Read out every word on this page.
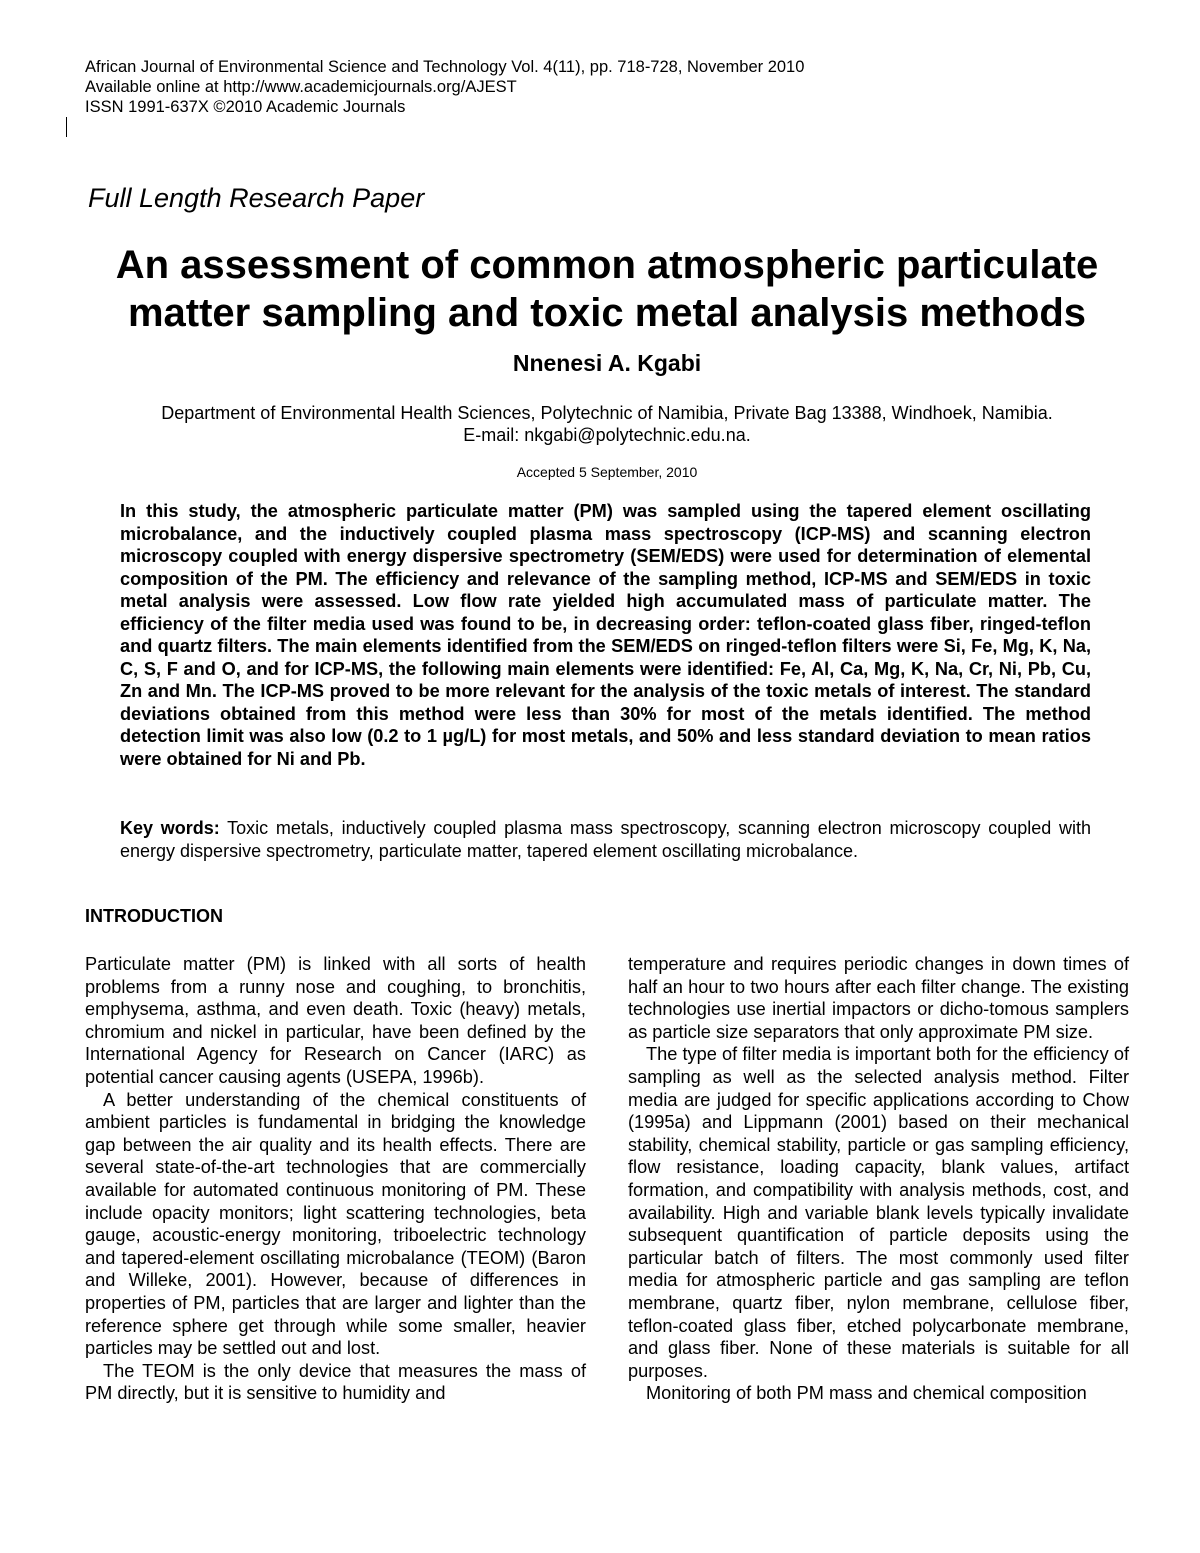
African Journal of Environmental Science and Technology Vol. 4(11), pp. 718-728, November 2010
Available online at http://www.academicjournals.org/AJEST
ISSN 1991-637X ©2010 Academic Journals
Full Length Research Paper
An assessment of common atmospheric particulate
matter sampling and toxic metal analysis methods
Nnenesi A. Kgabi
Department of Environmental Health Sciences, Polytechnic of Namibia, Private Bag 13388, Windhoek, Namibia.
E-mail: nkgabi@polytechnic.edu.na.
Accepted 5 September, 2010
In this study, the atmospheric particulate matter (PM) was sampled using the tapered element oscillating microbalance, and the inductively coupled plasma mass spectroscopy (ICP-MS) and scanning electron microscopy coupled with energy dispersive spectrometry (SEM/EDS) were used for determination of elemental composition of the PM. The efficiency and relevance of the sampling method, ICP-MS and SEM/EDS in toxic metal analysis were assessed. Low flow rate yielded high accumulated mass of particulate matter. The efficiency of the filter media used was found to be, in decreasing order: teflon-coated glass fiber, ringed-teflon and quartz filters. The main elements identified from the SEM/EDS on ringed-teflon filters were Si, Fe, Mg, K, Na, C, S, F and O, and for ICP-MS, the following main elements were identified: Fe, Al, Ca, Mg, K, Na, Cr, Ni, Pb, Cu, Zn and Mn. The ICP-MS proved to be more relevant for the analysis of the toxic metals of interest. The standard deviations obtained from this method were less than 30% for most of the metals identified. The method detection limit was also low (0.2 to 1 µg/L) for most metals, and 50% and less standard deviation to mean ratios were obtained for Ni and Pb.
Key words: Toxic metals, inductively coupled plasma mass spectroscopy, scanning electron microscopy coupled with energy dispersive spectrometry, particulate matter, tapered element oscillating microbalance.
INTRODUCTION

Particulate matter (PM) is linked with all sorts of health problems from a runny nose and coughing, to bronchitis, emphysema, asthma, and even death. Toxic (heavy) metals, chromium and nickel in particular, have been defined by the International Agency for Research on Cancer (IARC) as potential cancer causing agents (USEPA, 1996b).

A better understanding of the chemical constituents of ambient particles is fundamental in bridging the knowledge gap between the air quality and its health effects. There are several state-of-the-art technologies that are commercially available for automated continuous monitoring of PM. These include opacity monitors; light scattering technologies, beta gauge, acoustic-energy monitoring, triboelectric technology and tapered-element oscillating microbalance (TEOM) (Baron and Willeke, 2001). However, because of differences in properties of PM, particles that are larger and lighter than the reference sphere get through while some smaller, heavier particles may be settled out and lost.

The TEOM is the only device that measures the mass of PM directly, but it is sensitive to humidity and

temperature and requires periodic changes in down times of half an hour to two hours after each filter change. The existing technologies use inertial impactors or dicho-tomous samplers as particle size separators that only approximate PM size.

The type of filter media is important both for the efficiency of sampling as well as the selected analysis method. Filter media are judged for specific applications according to Chow (1995a) and Lippmann (2001) based on their mechanical stability, chemical stability, particle or gas sampling efficiency, flow resistance, loading capacity, blank values, artifact formation, and compatibility with analysis methods, cost, and availability. High and variable blank levels typically invalidate subsequent quantification of particle deposits using the particular batch of filters. The most commonly used filter media for atmospheric particle and gas sampling are teflon membrane, quartz fiber, nylon membrane, cellulose fiber, teflon-coated glass fiber, etched polycarbonate membrane, and glass fiber. None of these materials is suitable for all purposes.

Monitoring of both PM mass and chemical composition
